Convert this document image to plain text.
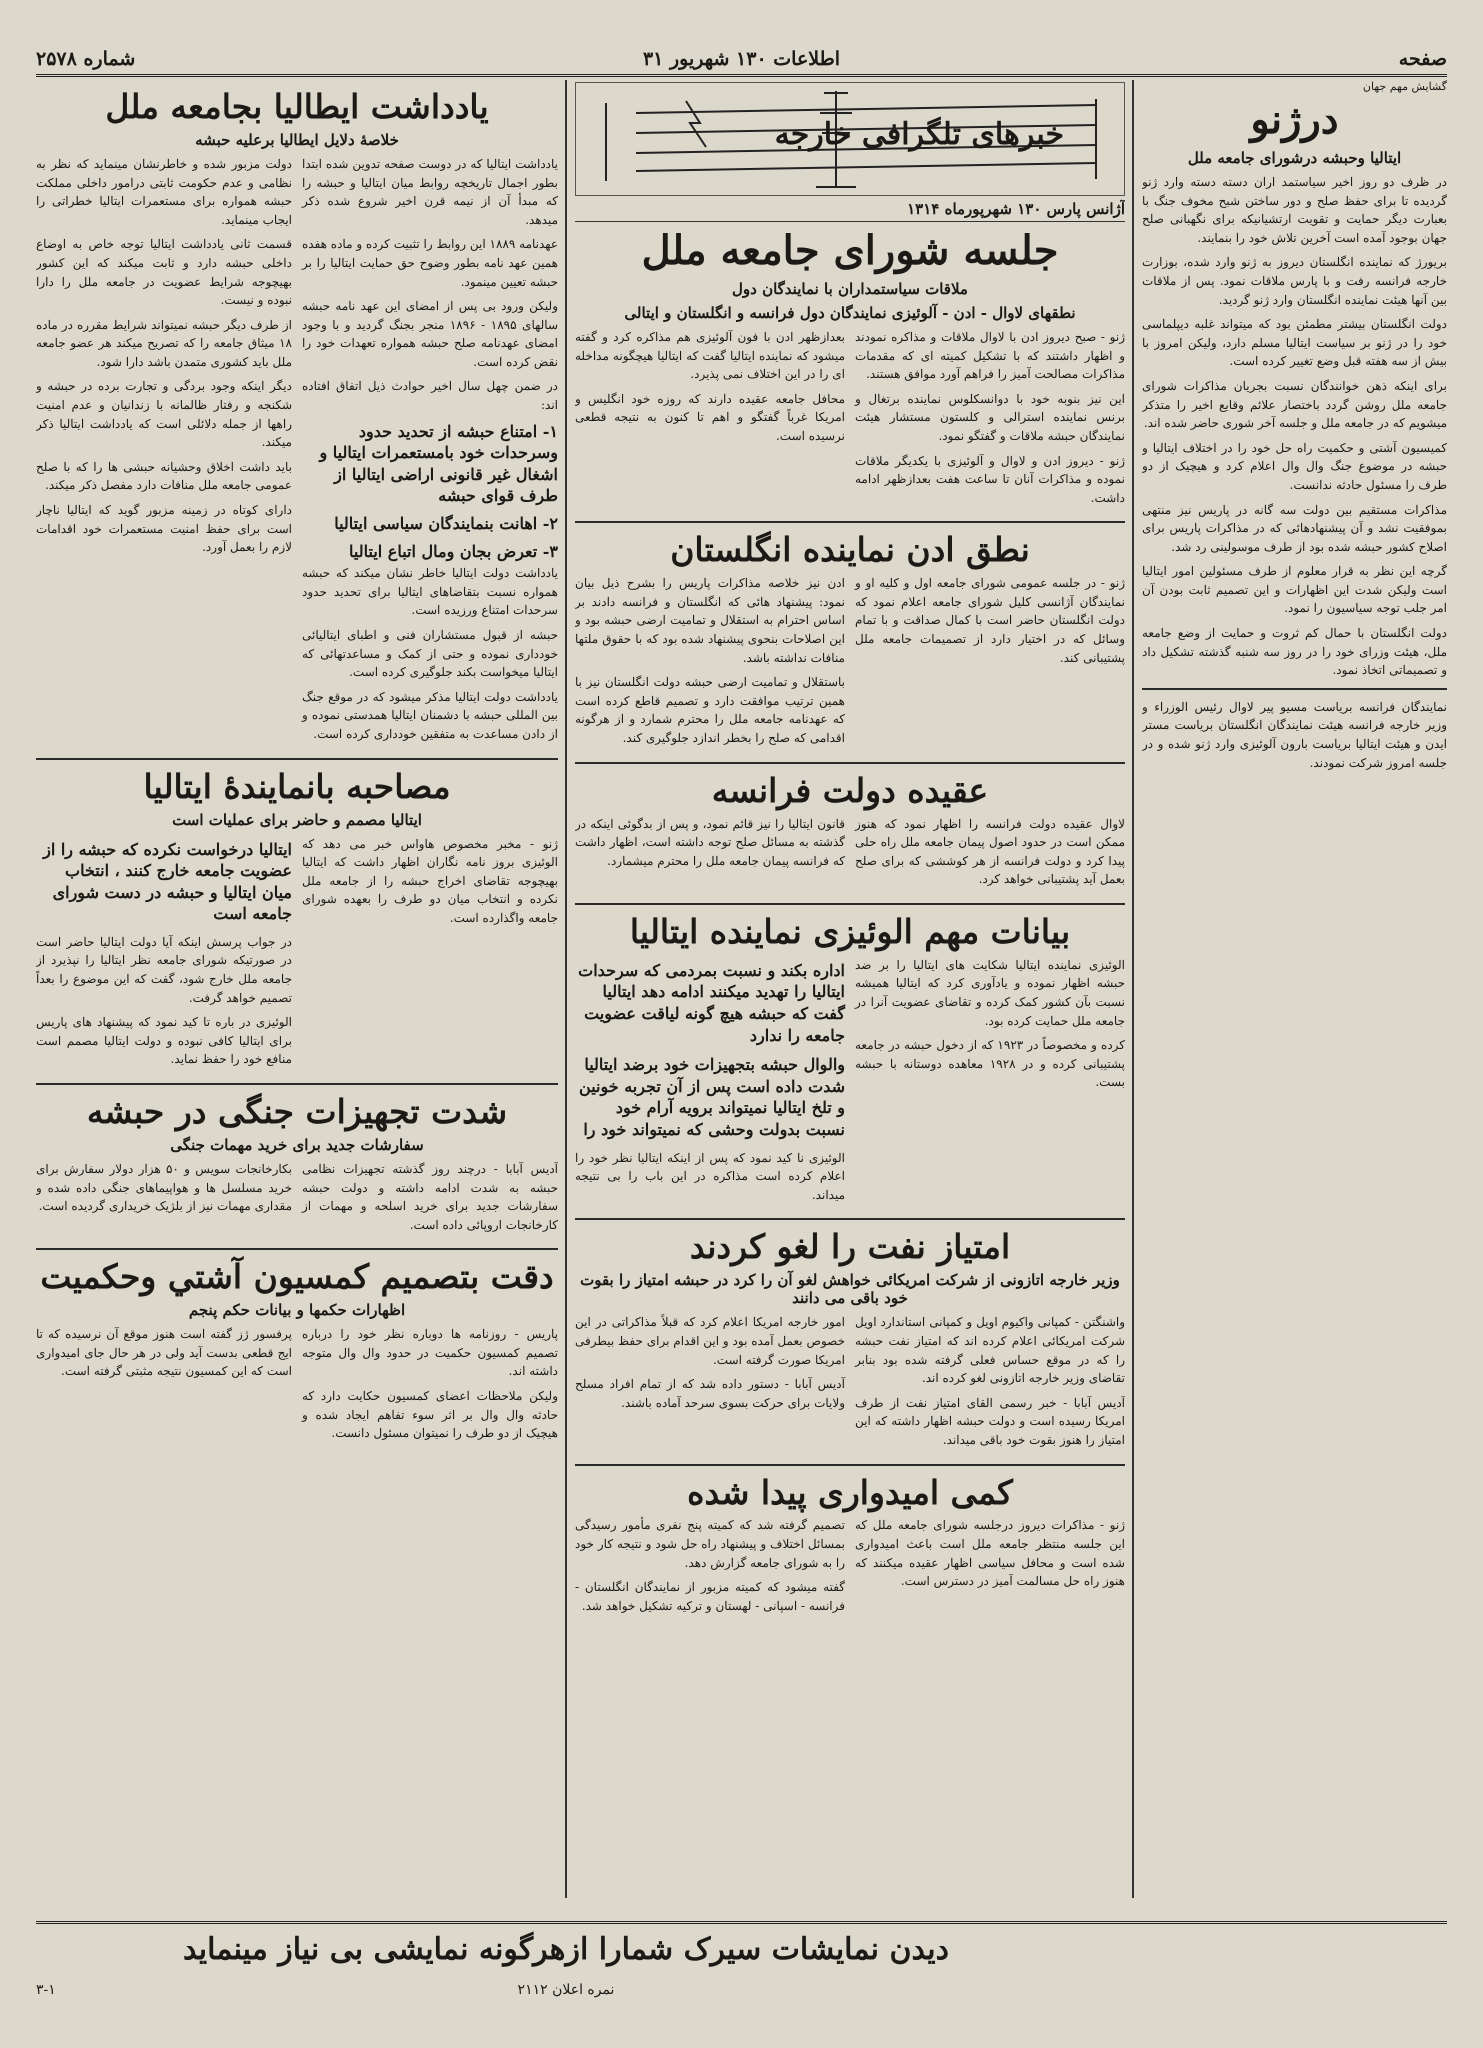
صفحه
اطلاعات ۱۳۰ شهریور ۳۱
شماره ۲۵۷۸

گشایش مهم جهان

درژنو
ایتالیا وحبشه درشورای جامعه ملل

در ظرف دو روز اخیر سیاستمد اران دسته دسته وارد ژنو گردیده تا برای حفظ صلح و دور ساختن شبح مخوف جنگ با بعبارت دیگر حمایت و تقویت ارتشیانیکه برای نگهبانی صلح جهان بوجود آمده است آخرین تلاش خود را بنمایند.

بریورژ که نماینده انگلستان دیروز به ژنو وارد شده، بوزارت خارجه فرانسه رفت و با پارس ملاقات نمود. پس از ملاقات بین آنها هیئت نماینده انگلستان وارد ژنو گردید.

دولت انگلستان بیشتر مطمئن بود که میتواند غلبه دیپلماسی خود را در ژنو بر سیاست ایتالیا مسلم دارد، ولیکن امروز با بیش از سه هفته قبل وضع تغییر کرده است.

برای اینکه ذهن خوانندگان نسبت بجریان مذاکرات شورای جامعه ملل روشن گردد باختصار علائم وقایع اخیر را متذکر میشویم که در جامعه ملل و جلسه آخر شوری حاضر شده اند.

کمیسیون آشتی و حکمیت راه حل خود را در اختلاف ایتالیا و حبشه در موضوع جنگ وال وال اعلام کرد و هیچیک از دو طرف را مسئول حادثه ندانست.

مذاکرات مستقیم بین دولت سه گانه در پاریس نیز منتهی بموفقیت نشد و آن پیشنهادهائی که در مذاکرات پاریس برای اصلاح کشور حبشه شده بود از طرف موسولینی رد شد.

گرچه این نظر به قرار معلوم از طرف مسئولین امور ایتالیا است ولیکن شدت این اظهارات و این تصمیم ثابت بودن آن امر جلب توجه سیاسیون را نمود.

دولت انگلستان با حمال کم ثروت و حمایت از وضع جامعه ملل، هیئت وزرای خود را در روز سه شنبه گذشته تشکیل داد و تصمیماتی اتخاذ نمود.

نمایندگان فرانسه بریاست مسیو پیر لاوال رئیس الوزراء و وزیر خارجه فرانسه هیئت نمایندگان انگلستان بریاست مستر ایدن و هیئت ایتالیا بریاست بارون آلوئیزی وارد ژنو شده و در جلسه امروز شرکت نمودند.

خبرهای تلگرافی خارجه
آژانس پارس ۱۳۰ شهرپورماه ۱۳۱۴
جلسه شورای جامعه ملل
ملاقات سیاستمداران با نمایندگان دول
نطقهای لاوال - ادن - آلوئیزی نمایندگان دول فرانسه و انگلستان و ایتالی

ژنو - صبح دیروز ادن با لاوال ملاقات و مذاکره نمودند و اظهار داشتند که با تشکیل کمیته ای که مقدمات مذاکرات مصالحت آمیز را فراهم آورد موافق هستند.

این نیز بنوبه خود با دوانسکلوس نماینده برتغال و برنس نماینده استرالی و کلستون مستشار هیئت نمایندگان حبشه ملاقات و گفتگو نمود.

ژنو - دیروز ادن و لاوال و آلوئیزی با یکدیگر ملاقات نموده و مذاکرات آنان تا ساعت هفت بعدازظهر ادامه داشت.

بعدازظهر ادن با فون آلوئیزی هم مذاکره کرد و گفته میشود که نماینده ایتالیا گفت که ایتالیا هیچگونه مداخله ای را در این اختلاف نمی پذیرد.

محافل جامعه عقیده دارند که روزه خود انگلیس و امریکا غرباً گفتگو و اهم تا کنون به نتیجه قطعی نرسیده است.

نطق ادن نماینده انگلستان

ژنو - در جلسه عمومی شورای جامعه اول و کلیه او و نمایندگان آژانسی کلیل شورای جامعه اعلام نمود که دولت انگلستان حاضر است با کمال صداقت و با تمام وسائل که در اختیار دارد از تصمیمات جامعه ملل پشتیبانی کند.

ادن نیز خلاصه مذاکرات پاریس را بشرح ذیل بیان نمود: پیشنهاد هائی که انگلستان و فرانسه دادند بر اساس احترام به استقلال و تمامیت ارضی حبشه بود و این اصلاحات بنحوی پیشنهاد شده بود که با حقوق ملتها منافات نداشته باشد.

باستقلال و تمامیت ارضی حبشه دولت انگلستان نیز با همین ترتیب موافقت دارد و تصمیم قاطع کرده است که عهدنامه جامعه ملل را محترم شمارد و از هرگونه اقدامی که صلح را بخطر اندازد جلوگیری کند.

عقیده دولت فرانسه

لاوال عقیده دولت فرانسه را اظهار نمود که هنوز ممکن است در حدود اصول پیمان جامعه ملل راه حلی پیدا کرد و دولت فرانسه از هر کوششی که برای صلح بعمل آید پشتیبانی خواهد کرد.

قانون ایتالیا را نیز قائم نمود، و پس از بدگوئی اینکه در گذشته به مسائل صلح توجه داشته است، اظهار داشت که فرانسه پیمان جامعه ملل را محترم میشمارد.

بیانات مهم الوئیزی نماینده ایتالیا

الوئیزی نماینده ایتالیا شکایت های ایتالیا را بر ضد حبشه اظهار نموده و یادآوری کرد که ایتالیا همیشه نسبت بآن کشور کمک کرده و تقاضای عضویت آنرا در جامعه ملل حمایت کرده بود.

کرده و مخصوصاً در ۱۹۲۳ که از دخول حبشه در جامعه پشتیبانی کرده و در ۱۹۲۸ معاهده دوستانه با حبشه بست.

اداره بکند و نسبت بمردمی که سرحدات ایتالیا را تهدید میکنند ادامه دهد ایتالیا گفت که حبشه هیچ گونه لیاقت عضویت جامعه را ندارد

والوال حبشه بتجهیزات خود برضد ایتالیا شدت داده است پس از آن تجربه خونین و تلخ ایتالیا نمیتواند برویه آرام خود نسبت بدولت وحشی که نمیتواند خود را

الوئیزی نا کید نمود که پس از اینکه ایتالیا نظر خود را اعلام کرده است مذاکره در این باب را بی نتیجه میداند.

امتیاز نفت را لغو کردند
وزیر خارجه اتازونی از شرکت امریکائی خواهش لغو آن را کرد در حبشه امتیاز را بقوت خود باقی می دانند

واشنگتن - کمپانی واکیوم اویل و کمپانی استاندارد اویل شرکت امریکائی اعلام کرده اند که امتیاز نفت حبشه را که در موقع حساس فعلی گرفته شده بود بنابر تقاضای وزیر خارجه اتازونی لغو کرده اند.

آدیس آبابا - خبر رسمی القای امتیاز نفت از طرف امریکا رسیده است و دولت حبشه اظهار داشته که این امتیاز را هنوز بقوت خود باقی میداند.

امور خارجه امریکا اعلام کرد که قبلاً مذاکراتی در این خصوص بعمل آمده بود و این اقدام برای حفظ بیطرفی امریکا صورت گرفته است.

آدیس آبابا - دستور داده شد که از تمام افراد مسلح ولایات برای حرکت بسوی سرحد آماده باشند.

کمی امیدواری پیدا شده

ژنو - مذاکرات دیروز درجلسه شورای جامعه ملل که این جلسه منتظر جامعه ملل است باعث امیدواری شده است و محافل سیاسی اظهار عقیده میکنند که هنوز راه حل مسالمت آمیز در دسترس است.

تصمیم گرفته شد که کمیته پنج نفری مأمور رسیدگی بمسائل اختلاف و پیشنهاد راه حل شود و نتیجه کار خود را به شورای جامعه گزارش دهد.

گفته میشود که کمیته مزبور از نمایندگان انگلستان - فرانسه - اسپانی - لهستان و ترکیه تشکیل خواهد شد.

یادداشت ایطالیا بجامعه ملل
خلاصهٔ دلایل ایطالیا برعلیه حبشه

یادداشت ایتالیا که در دوست صفحه تدوین شده ابتدا بطور اجمال تاریخچه روابط میان ایتالیا و حبشه را که مبدأ آن از نیمه قرن اخیر شروع شده ذکر میدهد.

عهدنامه ۱۸۸۹ این روابط را تثبیت کرده و ماده هفده همین عهد نامه بطور وضوح حق حمایت ایتالیا را بر حبشه تعیین مینمود.

ولیکن ورود بی پس از امضای این عهد نامه حبشه سالهای ۱۸۹۵ - ۱۸۹۶ منجر بجنگ گردید و با وجود امضای عهدنامه صلح حبشه همواره تعهدات خود را نقض کرده است.

در ضمن چهل سال اخیر حوادث ذیل اتفاق افتاده اند:

۱- امتناع حبشه از تحدید حدود وسرحدات خود بامستعمرات ایتالیا و اشغال غیر قانونی اراضی ایتالیا از طرف قوای حبشه

۲- اهانت بنمایندگان سیاسی ایتالیا

۳- تعرض بجان ومال اتباع ایتالیا

یادداشت دولت ایتالیا خاطر نشان میکند که حبشه همواره نسبت بتقاضاهای ایتالیا برای تحدید حدود سرحدات امتناع ورزیده است.

حبشه از قبول مستشاران فنی و اطبای ایتالیائی خودداری نموده و حتی از کمک و مساعدتهائی که ایتالیا میخواست بکند جلوگیری کرده است.

یادداشت دولت ایتالیا مذکر میشود که در موقع جنگ بین المللی حبشه با دشمنان ایتالیا همدستی نموده و از دادن مساعدت به متفقین خودداری کرده است.

دولت مزبور شده و خاطرنشان مینماید که نظر به نظامی و عدم حکومت ثابتی درامور داخلی مملکت حبشه همواره برای مستعمرات ایتالیا خطراتی را ایجاب مینماید.

قسمت ثانی یادداشت ایتالیا توجه خاص به اوضاع داخلی حبشه دارد و ثابت میکند که این کشور بهیچوجه شرایط عضویت در جامعه ملل را دارا نبوده و نیست.

از طرف دیگر حبشه نمیتواند شرایط مقرره در ماده ۱۸ میثاق جامعه را که تصریح میکند هر عضو جامعه ملل باید کشوری متمدن باشد دارا شود.

دیگر اینکه وجود بردگی و تجارت برده در حبشه و شکنجه و رفتار ظالمانه با زندانیان و عدم امنیت راهها از جمله دلائلی است که یادداشت ایتالیا ذکر میکند.

باید داشت اخلاق وحشیانه حبشی ها را که با صلح عمومی جامعه ملل منافات دارد مفصل ذکر میکند.

دارای کوتاه در زمینه مزبور گوید که ایتالیا ناچار است برای حفظ امنیت مستعمرات خود اقدامات لازم را بعمل آورد.

مصاحبه بانمایندهٔ ایتالیا
ایتالیا مصمم و حاضر برای عملیات است

ژنو - مخبر مخصوص هاواس خبر می دهد که الوئیزی بروز نامه نگاران اظهار داشت که ایتالیا بهیچوجه تقاضای اخراج حبشه را از جامعه ملل نکرده و انتخاب میان دو طرف را بعهده شورای جامعه واگذارده است.

ایتالیا درخواست نکرده که حبشه را از عضویت جامعه خارج کنند ، انتخاب میان ایتالیا و حبشه در دست شورای جامعه است

در جواب پرسش اینکه آیا دولت ایتالیا حاضر است در صورتیکه شورای جامعه نظر ایتالیا را نپذیرد از جامعه ملل خارج شود، گفت که این موضوع را بعداً تصمیم خواهد گرفت.

الوئیزی در باره تا کید نمود که پیشنهاد های پاریس برای ایتالیا کافی نبوده و دولت ایتالیا مصمم است منافع خود را حفظ نماید.

شدت تجهیزات جنگی در حبشه
سفارشات جدید برای خرید مهمات جنگی

آدیس آبابا - درچند روز گذشته تجهیزات نظامی حبشه به شدت ادامه داشته و دولت حبشه سفارشات جدید برای خرید اسلحه و مهمات از کارخانجات اروپائی داده است.

بکارخانجات سویس و ۵۰ هزار دولار سفارش برای خرید مسلسل ها و هواپیماهای جنگی داده شده و مقداری مهمات نیز از بلژیک خریداری گردیده است.

دقت بتصمیم کمسیون آشتي وحکمیت
اظهارات حکمها و بیانات حکم پنجم

پاریس - روزنامه ها دوباره نظر خود را درباره تصمیم کمسیون حکمیت در حدود وال وال متوجه داشته اند.

ولیکن ملاحظات اعضای کمسیون حکایت دارد که حادثه وال وال بر اثر سوء تفاهم ایجاد شده و هیچیک از دو طرف را نمیتوان مسئول دانست.

پرفسور ژز گفته است هنوز موقع آن نرسیده که تا ایج قطعی بدست آید ولی در هر حال جای امیدواری است که این کمسیون نتیجه مثبتی گرفته است.

دیدن نمایشات سیرک شمارا ازهرگونه نمایشی بی نیاز مینماید
نمره اعلان ۲۱۱۲
۳-۱
